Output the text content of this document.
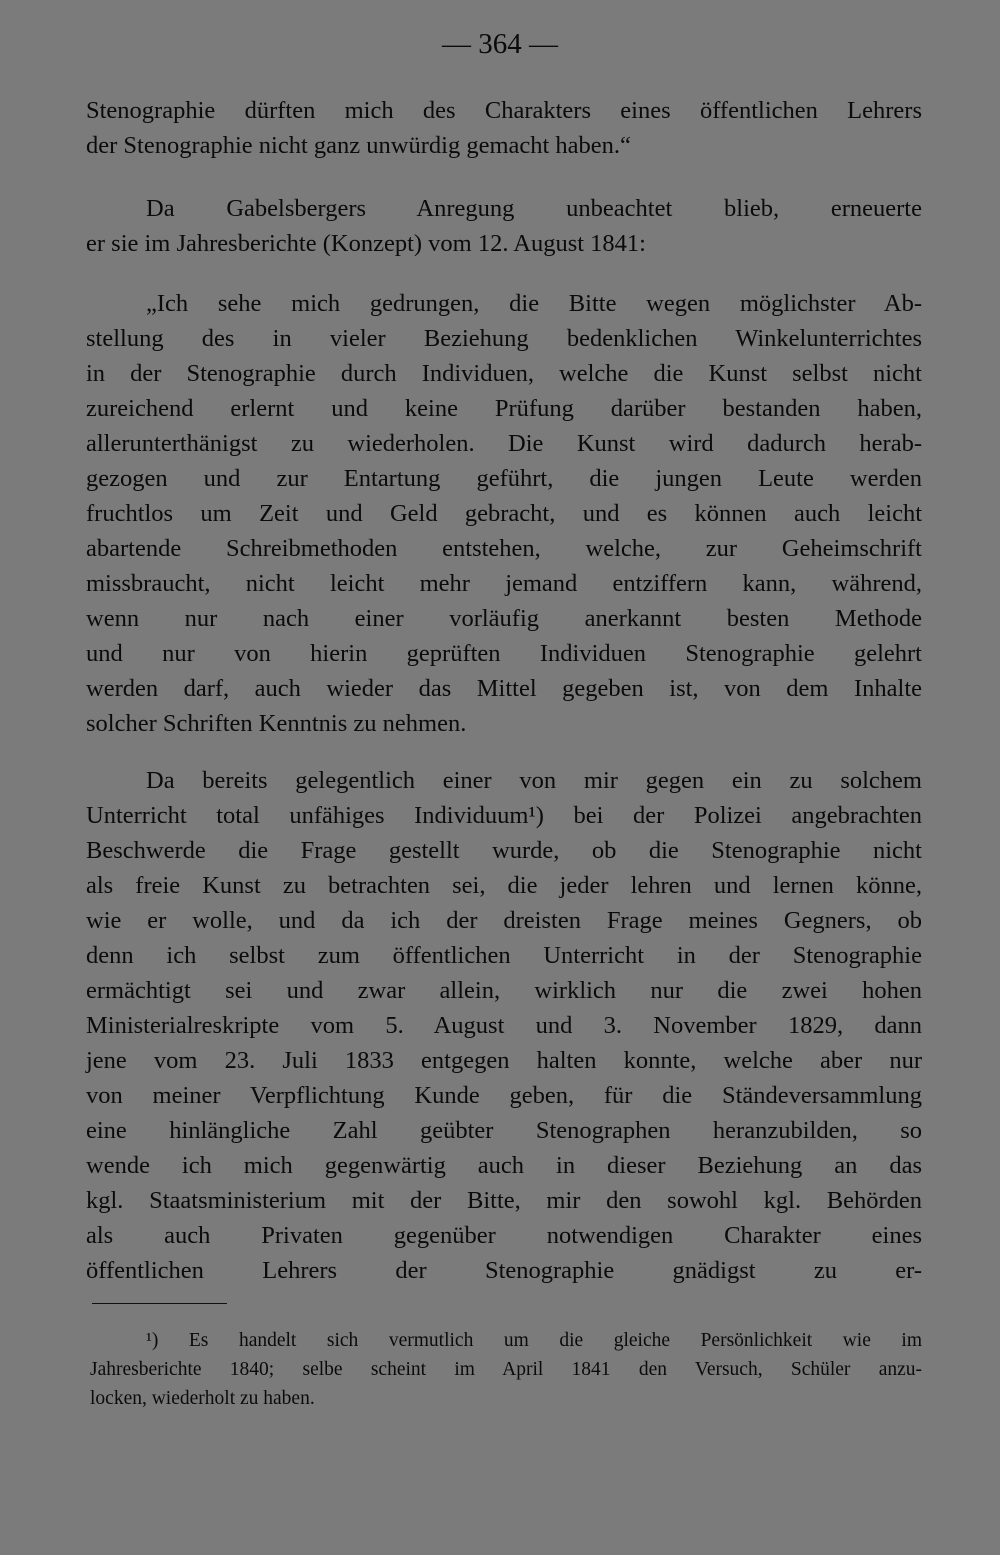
— 364 —

Stenographie dürften mich des Charakters eines öffentlichen Lehrers

der Stenographie nicht ganz unwürdig gemacht haben.“

Da Gabelsbergers Anregung unbeachtet blieb, erneuerte

er sie im Jahresberichte (Konzept) vom 12. August 1841:

„Ich sehe mich gedrungen, die Bitte wegen möglichster Ab-

stellung des in vieler Beziehung bedenklichen Winkelunterrichtes

in der Stenographie durch Individuen, welche die Kunst selbst nicht

zureichend erlernt und keine Prüfung darüber bestanden haben,

allerunterthänigst zu wiederholen. Die Kunst wird dadurch herab-

gezogen und zur Entartung geführt, die jungen Leute werden

fruchtlos um Zeit und Geld gebracht, und es können auch leicht

abartende Schreibmethoden entstehen, welche, zur Geheimschrift

missbraucht, nicht leicht mehr jemand entziffern kann, während,

wenn nur nach einer vorläufig anerkannt besten Methode

und nur von hierin geprüften Individuen Stenographie gelehrt

werden darf, auch wieder das Mittel gegeben ist, von dem Inhalte

solcher Schriften Kenntnis zu nehmen.

Da bereits gelegentlich einer von mir gegen ein zu solchem

Unterricht total unfähiges Individuum¹) bei der Polizei angebrachten

Beschwerde die Frage gestellt wurde, ob die Stenographie nicht

als freie Kunst zu betrachten sei, die jeder lehren und lernen könne,

wie er wolle, und da ich der dreisten Frage meines Gegners, ob

denn ich selbst zum öffentlichen Unterricht in der Stenographie

ermächtigt sei und zwar allein, wirklich nur die zwei hohen

Ministerialreskripte vom 5. August und 3. November 1829, dann

jene vom 23. Juli 1833 entgegen halten konnte, welche aber nur

von meiner Verpflichtung Kunde geben, für die Ständeversammlung

eine hinlängliche Zahl geübter Stenographen heranzubilden, so

wende ich mich gegenwärtig auch in dieser Beziehung an das

kgl. Staatsministerium mit der Bitte, mir den sowohl kgl. Behörden

als auch Privaten gegenüber notwendigen Charakter eines

öffentlichen Lehrers der Stenographie gnädigst zu er-

¹) Es handelt sich vermutlich um die gleiche Persönlichkeit wie im

Jahresberichte 1840; selbe scheint im April 1841 den Versuch, Schüler anzu-

locken, wiederholt zu haben.
